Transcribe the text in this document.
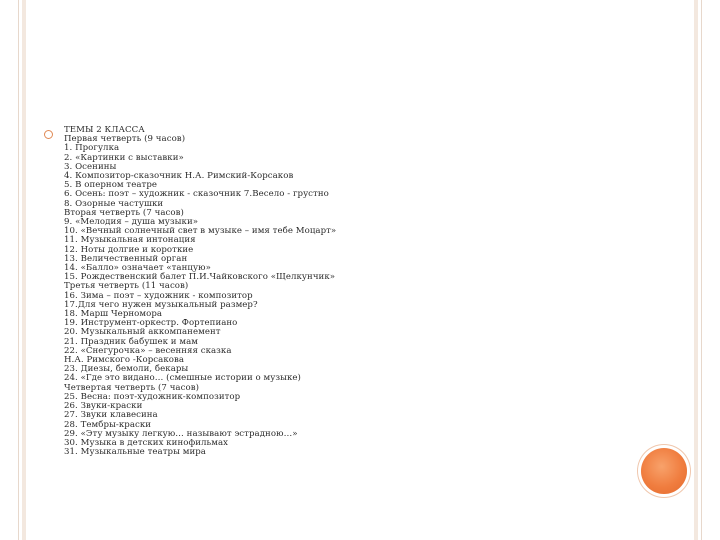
ТЕМЫ 2 КЛАССА
Первая четверть (9 часов)
1. Прогулка
2. «Картинки с выставки»
3. Осенины
4. Композитор-сказочник Н.А. Римский-Корсаков
5. В оперном театре
6. Осень: поэт – художник - сказочник 7.Весело - грустно
8. Озорные частушки
Вторая четверть (7 часов)
9. «Мелодия – душа музыки»
10. «Вечный солнечный свет в музыке – имя тебе Моцарт»
11. Музыкальная интонация
12. Ноты долгие и короткие
13. Величественный орган
14. «Балло» означает «танцую»
15. Рождественский балет П.И.Чайковского «Щелкунчик»
Третья четверть (11 часов)
16. Зима – поэт – художник - композитор
17.Для чего нужен музыкальный размер?
18. Марш Черномора
19. Инструмент-оркестр. Фортепиано
20. Музыкальный аккомпанемент
21. Праздник бабушек и мам
22. «Снегурочка» – весенняя сказка
Н.А. Римского -Корсакова
23. Диезы, бемоли, бекары
24. «Где это видано… (смешные истории о музыке)
Четвертая четверть (7 часов)
25. Весна: поэт-художник-композитор
26. Звуки-краски
27. Звуки клавесина
28. Тембры-краски
29. «Эту музыку легкую… называют эстрадною…»
30. Музыка в детских кинофильмах
31. Музыкальные театры мира
